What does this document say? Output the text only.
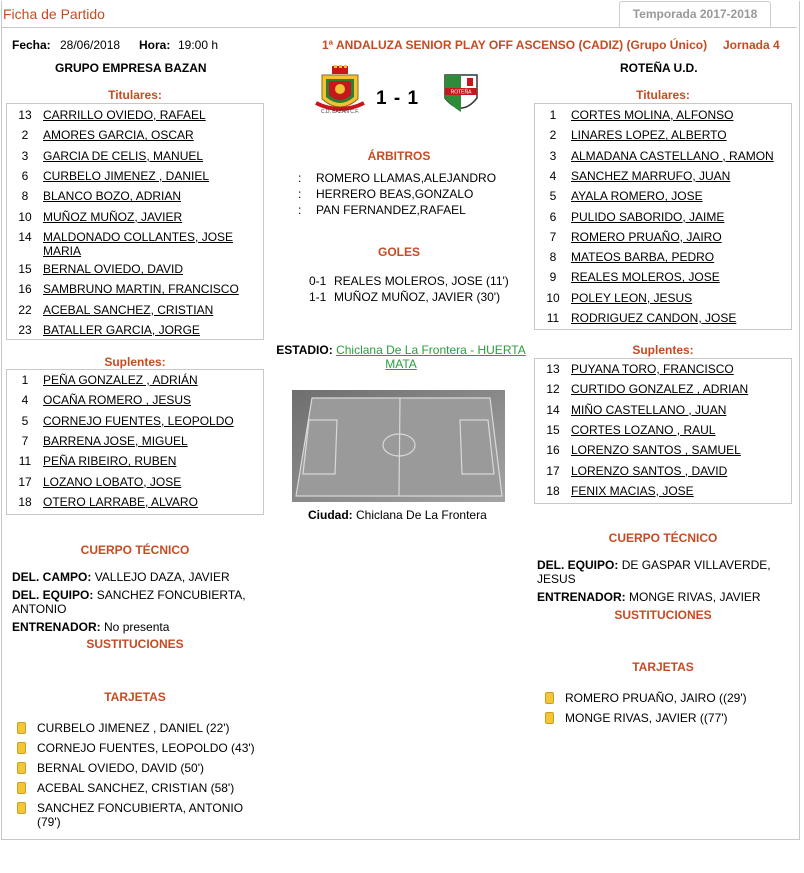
Ficha de Partido	Temporada 2017-2018
Fecha: 28/06/2018 Hora: 19:00 h	1ª ANDALUZA SENIOR PLAY OFF ASCENSO (CADIZ) (Grupo Único) Jornada 4
GRUPO EMPRESA BAZAN	ROTEÑA U.D.
C.D. BAZAN C.F.
1 - 1	ROTEÑA
Titulares:
13 CARRILLO OVIEDO, RAFAEL
2	AMORES GARCIA, OSCAR
3	GARCIA DE CELIS, MANUEL
6	CURBELO JIMENEZ , DANIEL
8	BLANCO BOZO, ADRIAN
10 MUÑOZ MUÑOZ, JAVIER
14 MALDONADO COLLANTES, JOSE MARIA
15 BERNAL OVIEDO, DAVID
16 SAMBRUNO MARTIN, FRANCISCO
22 ACEBAL SANCHEZ, CRISTIAN
23 BATALLER GARCIA, JORGE
Suplentes:
1	PEÑA GONZALEZ , ADRIÁN
4	OCAÑA ROMERO , JESUS
5	CORNEJO FUENTES, LEOPOLDO
7	BARRENA JOSE, MIGUEL
11 PEÑA RIBEIRO, RUBEN
17 LOZANO LOBATO, JOSE
18 OTERO LARRABE, ALVARO
Titulares:
1	CORTES MOLINA, ALFONSO
2	LINARES LOPEZ, ALBERTO
3	ALMADANA CASTELLANO , RAMON
4	SANCHEZ MARRUFO, JUAN
5	AYALA ROMERO, JOSE
6	PULIDO SABORIDO, JAIME
7	ROMERO PRUAÑO, JAIRO
8	MATEOS BARBA, PEDRO
9	REALES MOLEROS, JOSE
10 POLEY LEON, JESUS
11 RODRIGUEZ CANDON, JOSE
Suplentes:
13 PUYANA TORO, FRANCISCO
12 CURTIDO GONZALEZ , ADRIAN
14 MIÑO CASTELLANO , JUAN
15 CORTES LOZANO , RAUL
16 LORENZO SANTOS , SAMUEL
17 LORENZO SANTOS , DAVID
18 FENIX MACIAS, JOSE
ÁRBITROS
: ROMERO LLAMAS,ALEJANDRO
: HERRERO BEAS,GONZALO
: PAN FERNANDEZ,RAFAEL
GOLES
0-1 REALES MOLEROS, JOSE (11')
1-1 MUÑOZ MUÑOZ, JAVIER (30')
ESTADIO: Chiclana De La Frontera - HUERTA MATA
Ciudad: Chiclana De La Frontera
CUERPO TÉCNICO
DEL. CAMPO: VALLEJO DAZA, JAVIER
DEL. EQUIPO: SANCHEZ FONCUBIERTA, ANTONIO
ENTRENADOR: No presenta
SUSTITUCIONES
TARJETAS
CURBELO JIMENEZ , DANIEL (22')
CORNEJO FUENTES, LEOPOLDO (43')
BERNAL OVIEDO, DAVID (50')
ACEBAL SANCHEZ, CRISTIAN (58')
SANCHEZ FONCUBIERTA, ANTONIO (79')
CUERPO TÉCNICO
DEL. EQUIPO: DE GASPAR VILLAVERDE, JESUS
ENTRENADOR: MONGE RIVAS, JAVIER
SUSTITUCIONES
TARJETAS
ROMERO PRUAÑO, JAIRO ((29')
MONGE RIVAS, JAVIER ((77')
